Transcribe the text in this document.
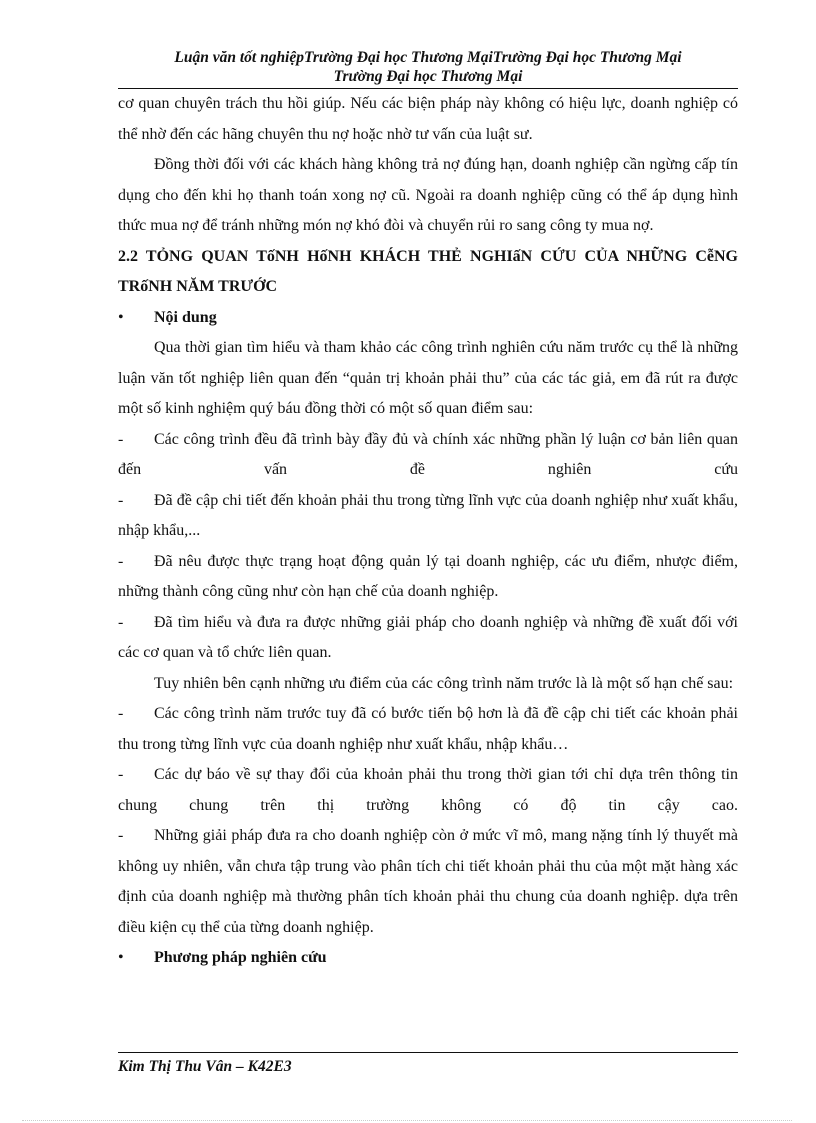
Luận văn tốt nghiệpTrường Đại học Thương MạiTrường Đại học Thương Mại
Trường Đại học Thương Mại

cơ quan chuyên trách thu hồi giúp. Nếu các biện pháp này không có hiệu lực, doanh nghiệp có thể nhờ đến các hãng chuyên thu nợ hoặc nhờ tư vấn của luật sư.

Đồng thời đối với các khách hàng không trả nợ đúng hạn, doanh nghiệp cần ngừng cấp tín dụng cho đến khi họ thanh toán xong nợ cũ. Ngoài ra doanh nghiệp cũng có thể áp dụng hình thức mua nợ để tránh những món nợ khó đòi và chuyển rủi ro sang công ty mua nợ.

2.2 TỎNG QUAN TốNH HốNH KHÁCH THẺ NGHIấN CỨU CỦA NHỮNG CễNG TRốNH NĂM TRƯỚC

• Nội dung

Qua thời gian tìm hiểu và tham khảo các công trình nghiên cứu năm trước cụ thể là những luận văn tốt nghiệp liên quan đến “quản trị khoản phải thu” của các tác giả, em đã rút ra được một số kinh nghiệm quý báu đồng thời có một số quan điểm sau:

- Các công trình đều đã trình bày đầy đủ và chính xác những phần lý luận cơ bản liên quan đến vấn đề nghiên cứu

- Đã đề cập chi tiết đến khoản phải thu trong từng lĩnh vực của doanh nghiệp như xuất khẩu, nhập khẩu,...

- Đã nêu được thực trạng hoạt động quản lý tại doanh nghiệp, các ưu điểm, nhược điểm, những thành công cũng như còn hạn chế của doanh nghiệp.

- Đã tìm hiểu và đưa ra được những giải pháp cho doanh nghiệp và những đề xuất đối với các cơ quan và tổ chức liên quan.

Tuy nhiên bên cạnh những ưu điểm của các công trình năm trước là là một số hạn chế sau:

- Các công trình năm trước tuy đã có bước tiến bộ hơn là đã đề cập chi tiết các khoản phải thu trong từng lĩnh vực của doanh nghiệp như xuất khẩu, nhập khẩu…

- Các dự báo về sự thay đổi của khoản phải thu trong thời gian tới chỉ dựa trên thông tin chung chung trên thị trường không có độ tin cậy cao.

- Những giải pháp đưa ra cho doanh nghiệp còn ở mức vĩ mô, mang nặng tính lý thuyết mà không uy nhiên, vẫn chưa tập trung vào phân tích chi tiết khoản phải thu của một mặt hàng xác định của doanh nghiệp mà thường phân tích khoản phải thu chung của doanh nghiệp. dựa trên điều kiện cụ thể của từng doanh nghiệp.

• Phương pháp nghiên cứu

Kim Thị Thu Vân – K42E3
